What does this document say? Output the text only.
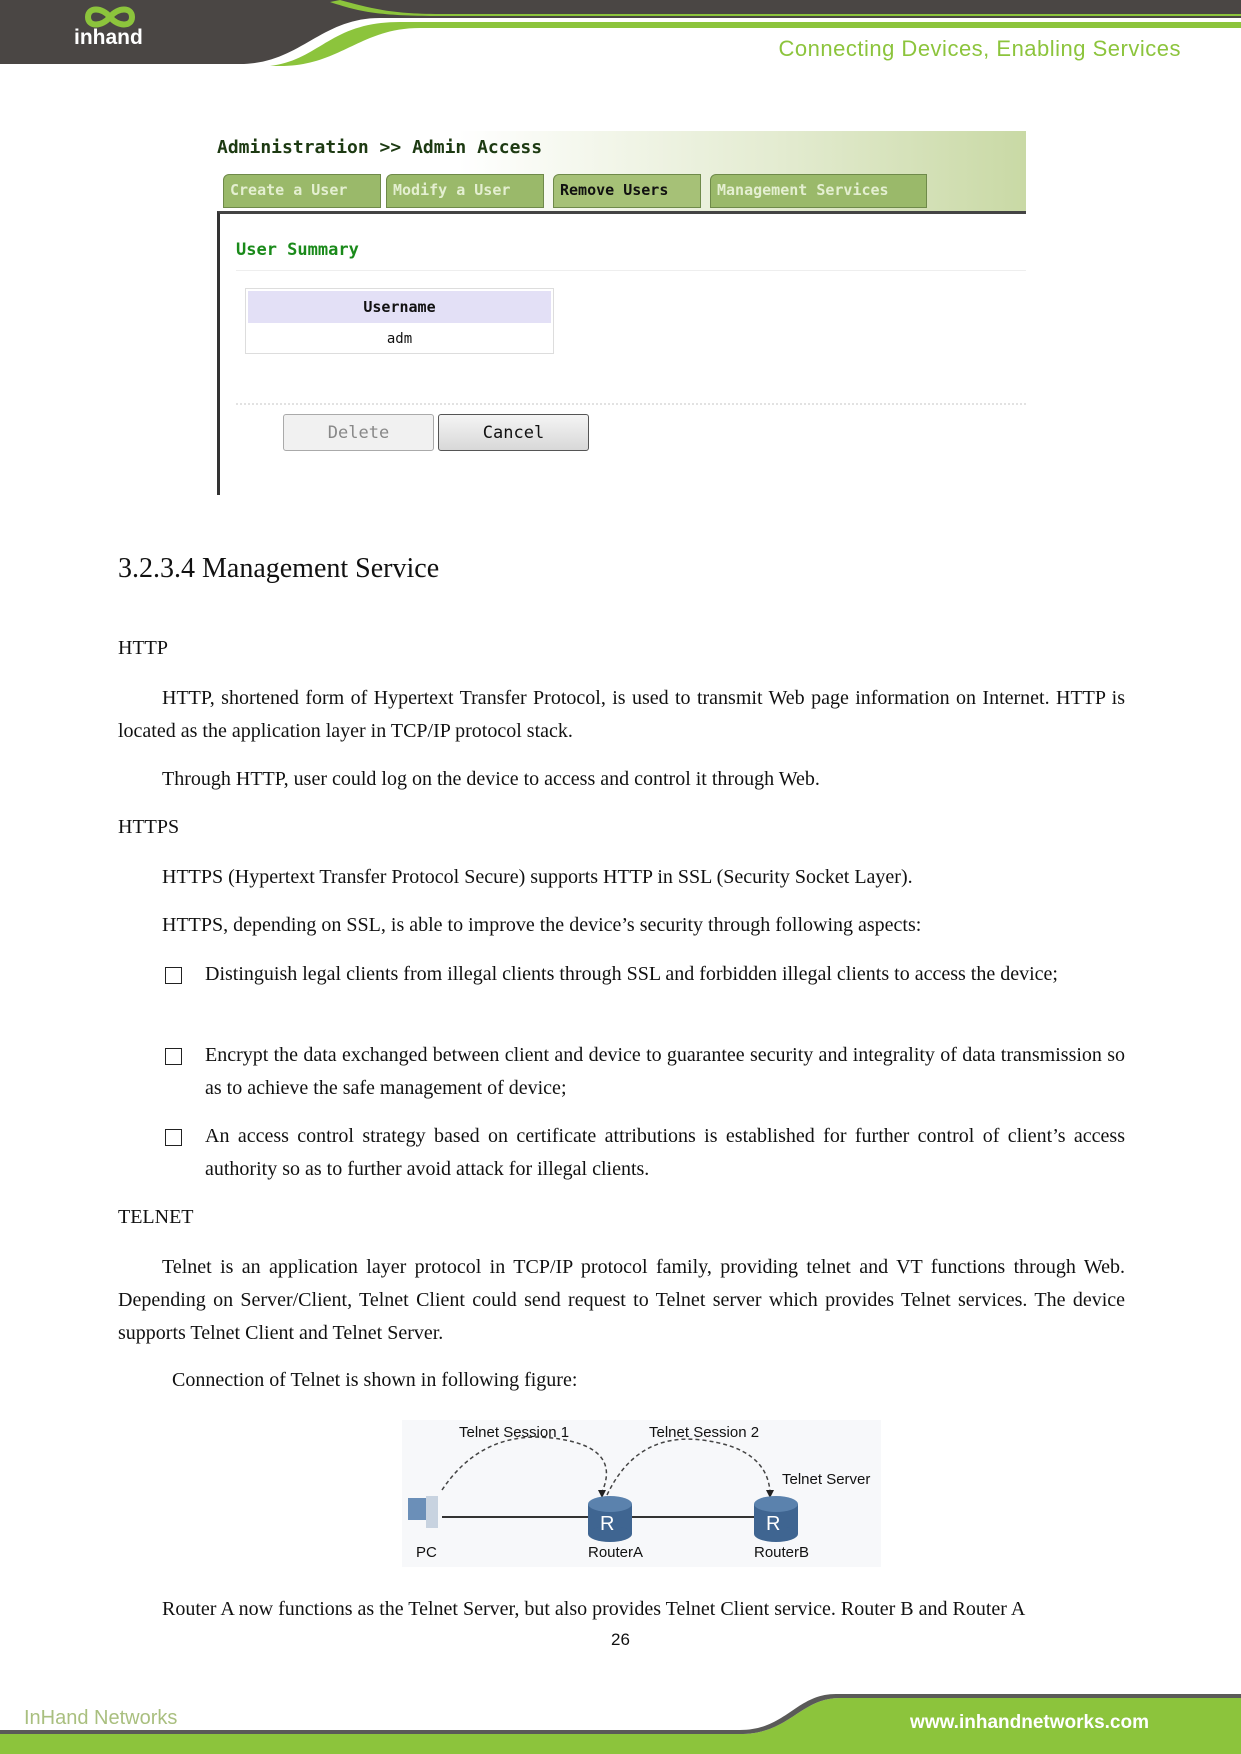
inhand	Connecting Devices, Enabling Services
Administration >> Admin Access
Create a User	Modify a User	Remove Users	Management Services
User Summary
Username
adm
Delete	Cancel
3.2.3.4 Management Service
HTTP
HTTP, shortened form of Hypertext Transfer Protocol, is used to transmit Web page information on Internet. HTTP is located as the application layer in TCP/IP protocol stack.
Through HTTP, user could log on the device to access and control it through Web.
HTTPS
HTTPS (Hypertext Transfer Protocol Secure) supports HTTP in SSL (Security Socket Layer).
HTTPS, depending on SSL, is able to improve the device’s security through following aspects:
Distinguish legal clients from illegal clients through SSL and forbidden illegal clients to access the device;
Encrypt the data exchanged between client and device to guarantee security and integrality of data transmission so as to achieve the safe management of device;
An access control strategy based on certificate attributions is established for further control of client’s access authority so as to further avoid attack for illegal clients.
TELNET
Telnet is an application layer protocol in TCP/IP protocol family, providing telnet and VT functions through Web. Depending on Server/Client, Telnet Client could send request to Telnet server which provides Telnet services. The device supports Telnet Client and Telnet Server.
Connection of Telnet is shown in following figure:
R	R
Telnet Session 1	Telnet Session 2
Telnet Server
PC	RouterA	RouterB
Router A now functions as the Telnet Server, but also provides Telnet Client service. Router B and Router A
26
InHand Networks	www.inhandnetworks.com
